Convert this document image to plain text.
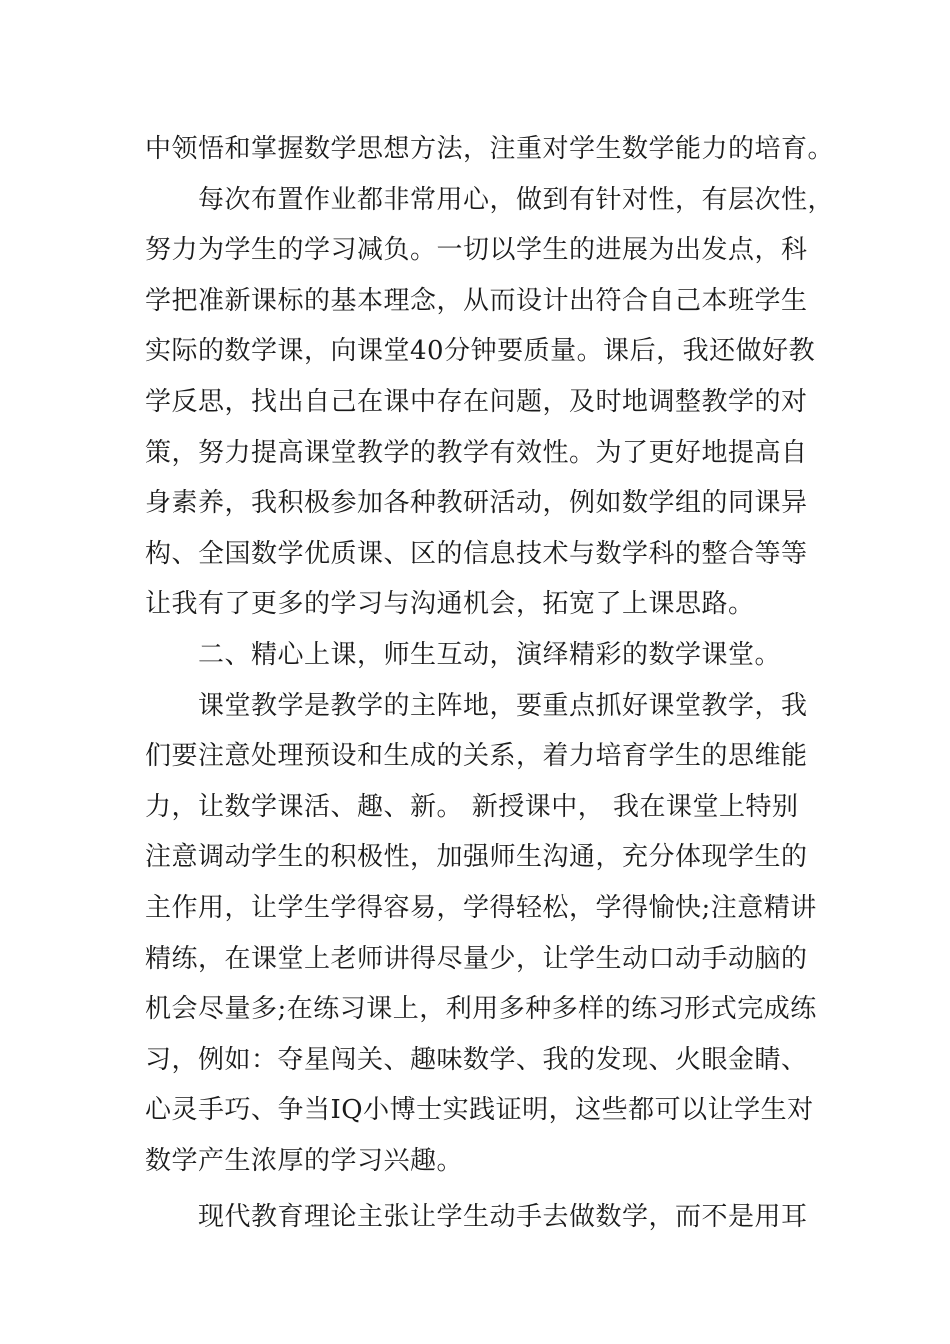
中领悟和掌握数学思想方法，注重对学生数学能力的培育。
　　每次布置作业都非常用心，做到有针对性，有层次性，
努力为学生的学习减负。一切以学生的进展为出发点，科
学把准新课标的基本理念，从而设计出符合自己本班学生
实际的数学课，向课堂40分钟要质量。课后，我还做好教
学反思，找出自己在课中存在问题，及时地调整教学的对
策，努力提高课堂教学的教学有效性。为了更好地提高自
身素养，我积极参加各种教研活动，例如数学组的同课异
构、全国数学优质课、区的信息技术与数学科的整合等等
让我有了更多的学习与沟通机会，拓宽了上课思路。
　　二、精心上课，师生互动，演绎精彩的数学课堂。
　　课堂教学是教学的主阵地，要重点抓好课堂教学，我
们要注意处理预设和生成的关系，着力培育学生的思维能
力，让数学课活、趣、新。 新授课中， 我在课堂上特别
注意调动学生的积极性，加强师生沟通，充分体现学生的
主作用，让学生学得容易，学得轻松，学得愉快;注意精讲
精练，在课堂上老师讲得尽量少，让学生动口动手动脑的
机会尽量多;在练习课上，利用多种多样的练习形式完成练
习，例如：夺星闯关、趣味数学、我的发现、火眼金睛、
心灵手巧、争当IQ小博士实践证明，这些都可以让学生对
数学产生浓厚的学习兴趣。
　　现代教育理论主张让学生动手去做数学，而不是用耳
